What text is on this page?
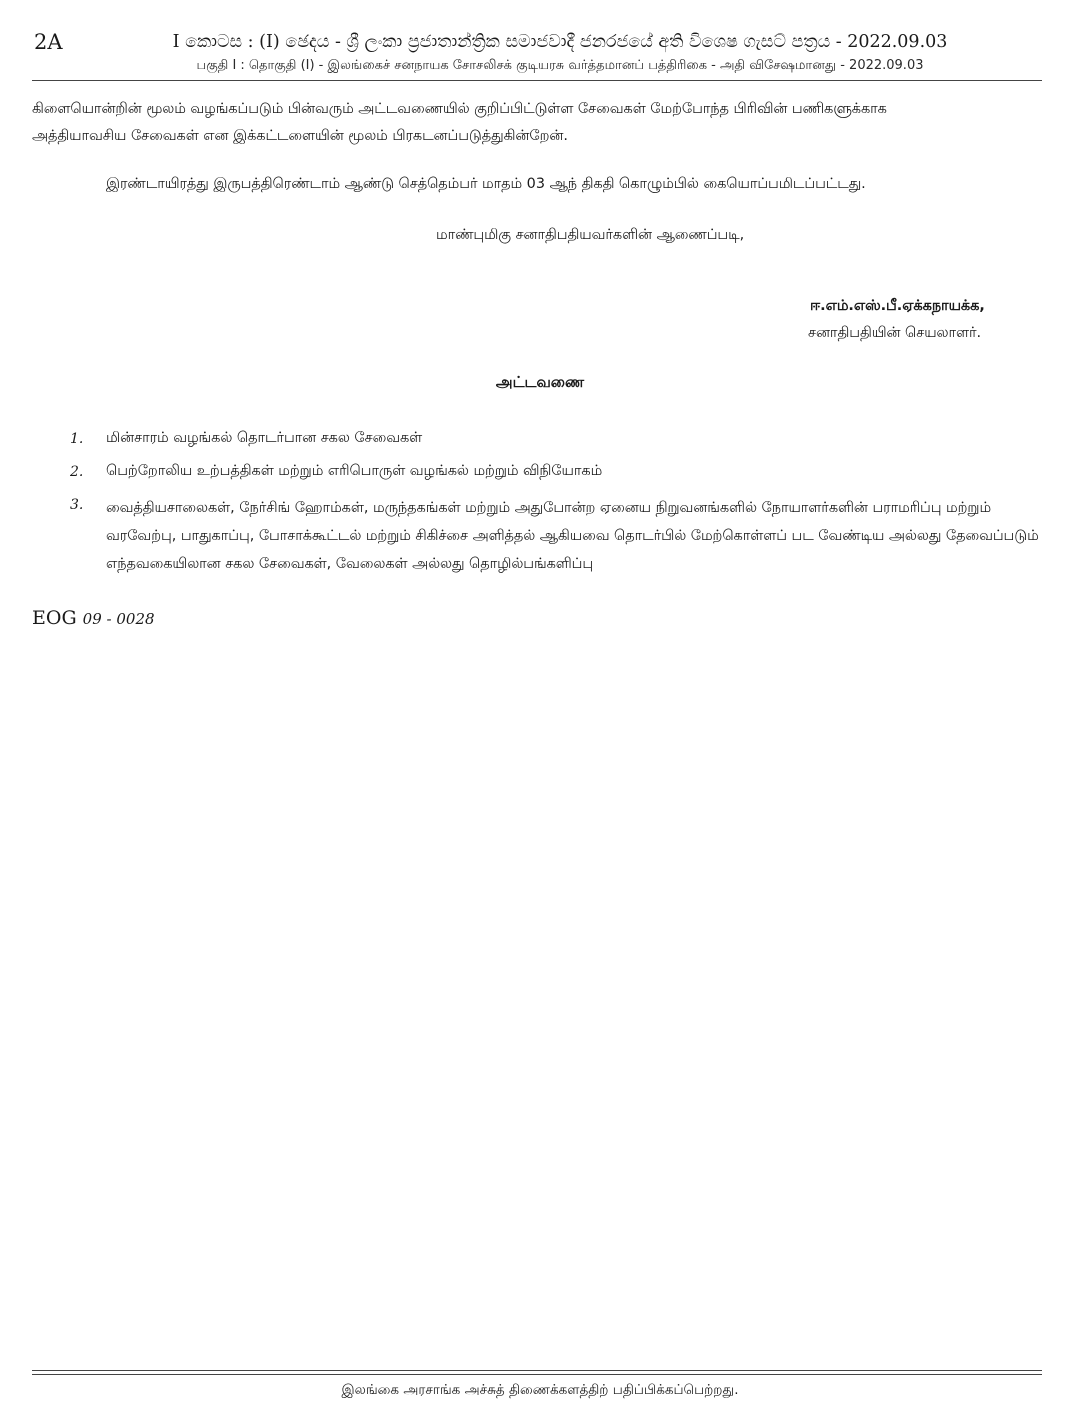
2A	I කොටස : (I) ඡෙදය - ශ්‍රී ලංකා ප්‍රජාතාන්ත්‍රික සමාජවාදී ජනරජයේ අති විශෙෂ ගැසට් පත්‍රය - 2022.09.03
பகுதி I : தொகுதி (I) - இலங்கைச் சனநாயக சோசலிசக் குடியரசு வர்த்தமானப் பத்திரிகை - அதி விசேஷமானது - 2022.09.03
கிளையொன்றின் மூலம் வழங்கப்படும் பின்வரும் அட்டவணையில் குறிப்பிட்டுள்ள சேவைகள் மேற்போந்த பிரிவின் பணிகளுக்காக
அத்தியாவசிய சேவைகள் என இக்கட்டளையின் மூலம் பிரகடனப்படுத்துகின்றேன்.
இரண்டாயிரத்து இருபத்திரெண்டாம் ஆண்டு செத்தெம்பர் மாதம் 03 ஆந் திகதி கொழும்பில் கையொப்பமிடப்பட்டது.
மாண்புமிகு சனாதிபதியவர்களின் ஆணைப்படி,
ஈ.எம்.எஸ்.பீ.ஏக்கநாயக்க,
சனாதிபதியின் செயலாளர்.
அட்டவணை
1. மின்சாரம் வழங்கல் தொடர்பான சகல சேவைகள்
2. பெற்றோலிய உற்பத்திகள் மற்றும் எரிபொருள் வழங்கல் மற்றும் விநியோகம்
3. வைத்தியசாலைகள், நேர்சிங் ஹோம்கள், மருந்தகங்கள் மற்றும் அதுபோன்ற ஏனைய நிறுவனங்களில் நோயாளர்களின் பராமரிப்பு மற்றும் வரவேற்பு, பாதுகாப்பு, போசாக்கூட்டல் மற்றும் சிகிச்சை அளித்தல் ஆகியவை தொடர்பில் மேற்கொள்ளப் பட வேண்டிய அல்லது தேவைப்படும் எந்தவகையிலான சகல சேவைகள், வேலைகள் அல்லது தொழில்பங்களிப்பு
EOG 09 - 0028
இலங்கை அரசாங்க அச்சுத் திணைக்களத்திற் பதிப்பிக்கப்பெற்றது.
